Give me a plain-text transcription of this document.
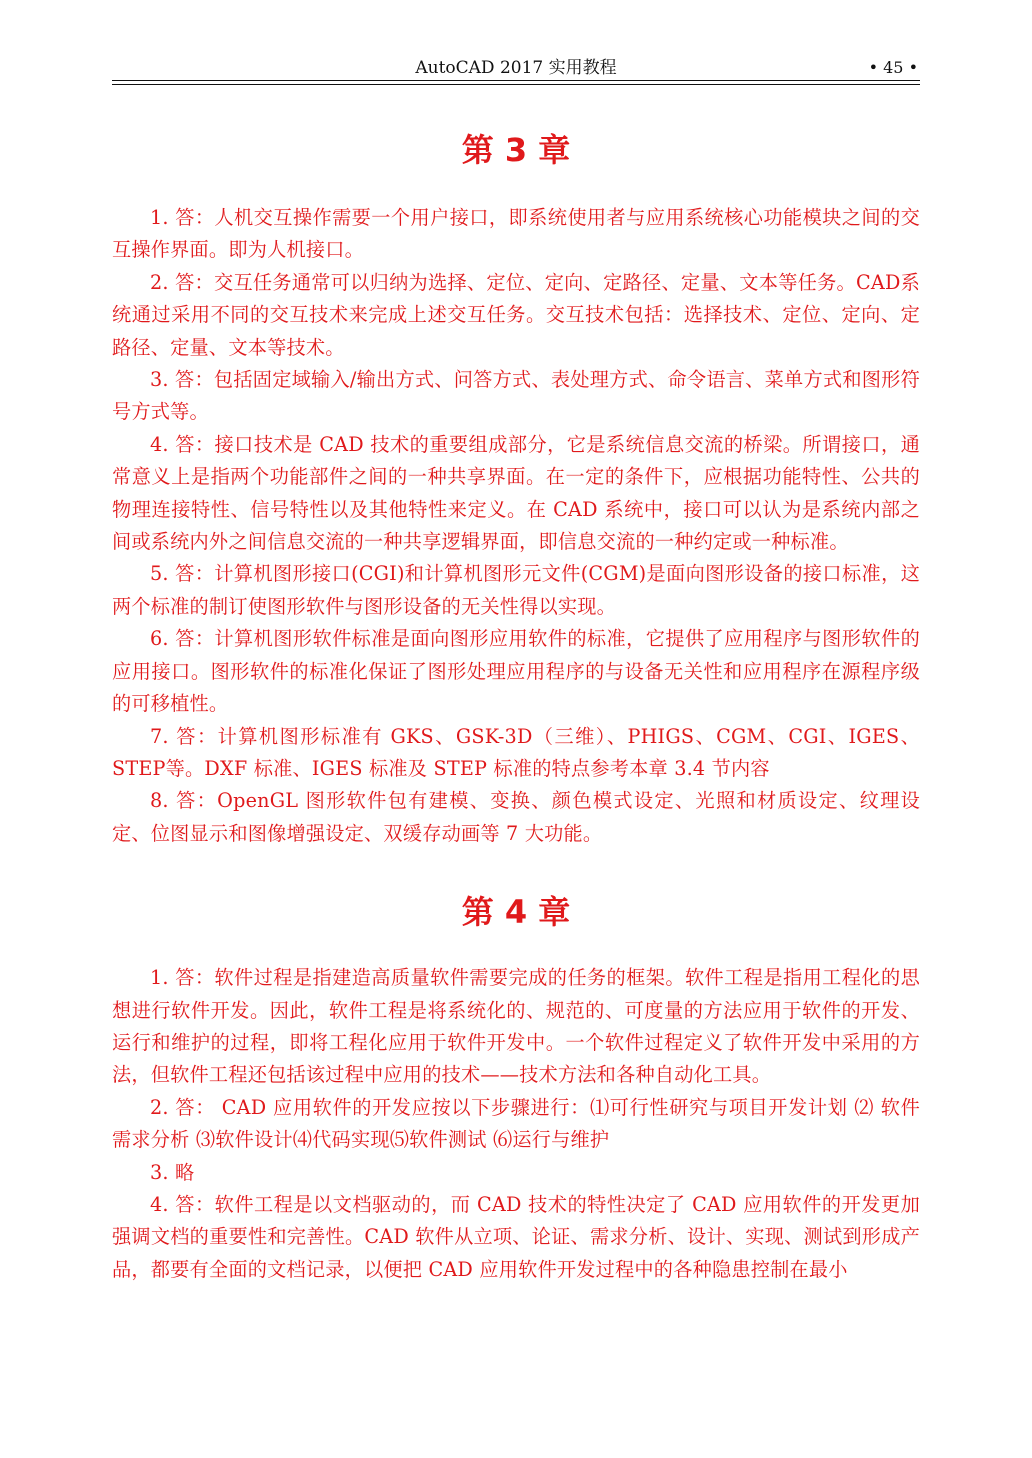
AutoCAD 2017 实用教程	• 45 •
第 3 章

1. 答：人机交互操作需要一个用户接口，即系统使用者与应用系统核心功能模块之间的交互操作界面。即为人机接口。

2. 答：交互任务通常可以归纳为选择、定位、定向、定路径、定量、文本等任务。CAD系统通过采用不同的交互技术来完成上述交互任务。交互技术包括：选择技术、定位、定向、定路径、定量、文本等技术。

3. 答：包括固定域输入/输出方式、问答方式、表处理方式、命令语言、菜单方式和图形符号方式等。

4. 答：接口技术是 CAD 技术的重要组成部分，它是系统信息交流的桥梁。所谓接口，通常意义上是指两个功能部件之间的一种共享界面。在一定的条件下，应根据功能特性、公共的物理连接特性、信号特性以及其他特性来定义。在 CAD 系统中，接口可以认为是系统内部之间或系统内外之间信息交流的一种共享逻辑界面，即信息交流的一种约定或一种标准。

5. 答：计算机图形接口(CGI)和计算机图形元文件(CGM)是面向图形设备的接口标准，这两个标准的制订使图形软件与图形设备的无关性得以实现。

6. 答：计算机图形软件标准是面向图形应用软件的标准，它提供了应用程序与图形软件的应用接口。图形软件的标准化保证了图形处理应用程序的与设备无关性和应用程序在源程序级的可移植性。

7. 答：计算机图形标准有 GKS、GSK-3D（三维）、PHIGS、CGM、CGI、IGES、STEP等。DXF 标准、IGES 标准及 STEP 标准的特点参考本章 3.4 节内容

8. 答：OpenGL 图形软件包有建模、变换、颜色模式设定、光照和材质设定、纹理设定、位图显示和图像增强设定、双缓存动画等 7 大功能。

第 4 章

1. 答：软件过程是指建造高质量软件需要完成的任务的框架。软件工程是指用工程化的思想进行软件开发。因此，软件工程是将系统化的、规范的、可度量的方法应用于软件的开发、运行和维护的过程，即将工程化应用于软件开发中。一个软件过程定义了软件开发中采用的方法，但软件工程还包括该过程中应用的技术——技术方法和各种自动化工具。

2. 答： CAD 应用软件的开发应按以下步骤进行：⑴可行性研究与项目开发计划 ⑵ 软件需求分析 ⑶软件设计⑷代码实现⑸软件测试 ⑹运行与维护

3. 略

4. 答：软件工程是以文档驱动的，而 CAD 技术的特性决定了 CAD 应用软件的开发更加强调文档的重要性和完善性。CAD 软件从立项、论证、需求分析、设计、实现、测试到形成产品，都要有全面的文档记录，以便把 CAD 应用软件开发过程中的各种隐患控制在最小
